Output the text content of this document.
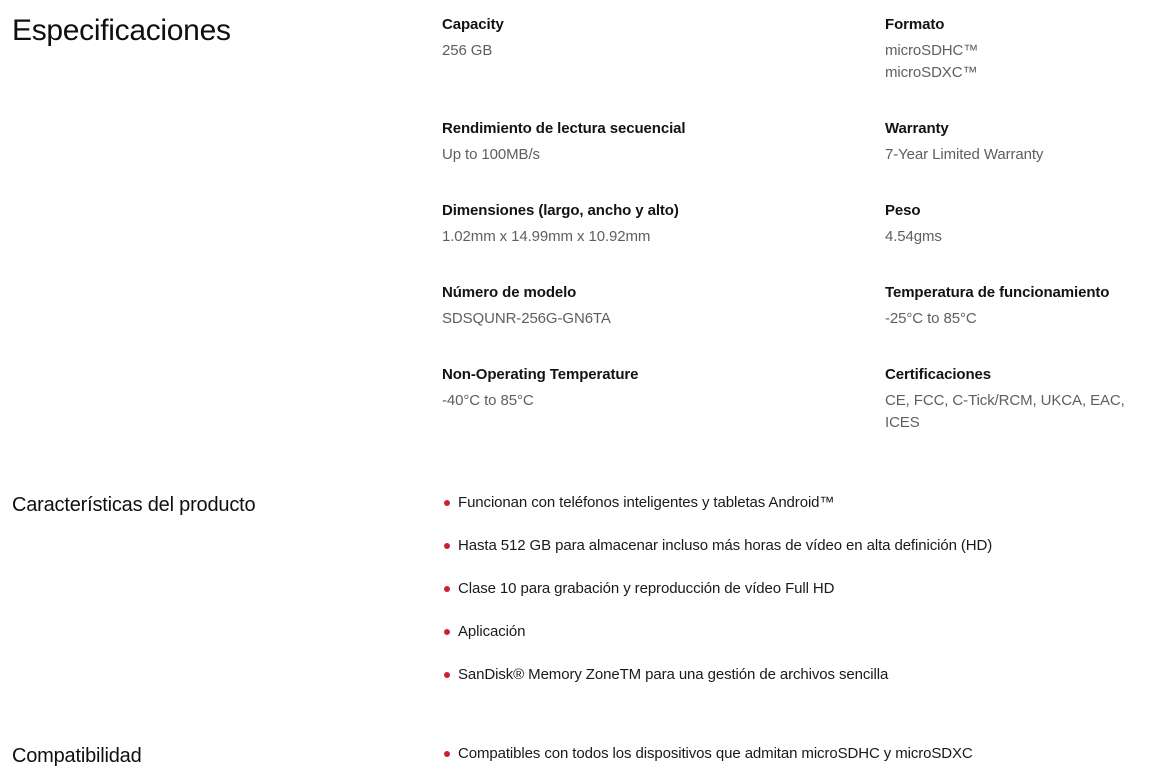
Especificaciones	Capacity
256 GB
Formato
microSDHC™
microSDXC™
Rendimiento de lectura secuencial
Up to 100MB/s
Warranty
7-Year Limited Warranty
Dimensiones (largo, ancho y alto)
1.02mm x 14.99mm x 10.92mm
Peso
4.54gms
Número de modelo
SDSQUNR-256G-GN6TA
Temperatura de funcionamiento
-25°C to 85°C
Non-Operating Temperature
-40°C to 85°C
Certificaciones
CE, FCC, C-Tick/RCM, UKCA, EAC, ICES
Características del producto	Funcionan con teléfonos inteligentes y tabletas Android™
Hasta 512 GB para almacenar incluso más horas de vídeo en alta definición (HD)
Clase 10 para grabación y reproducción de vídeo Full HD
Aplicación
SanDisk® Memory ZoneTM para una gestión de archivos sencilla
Compatibilidad	Compatibles con todos los dispositivos que admitan microSDHC y microSDXC
